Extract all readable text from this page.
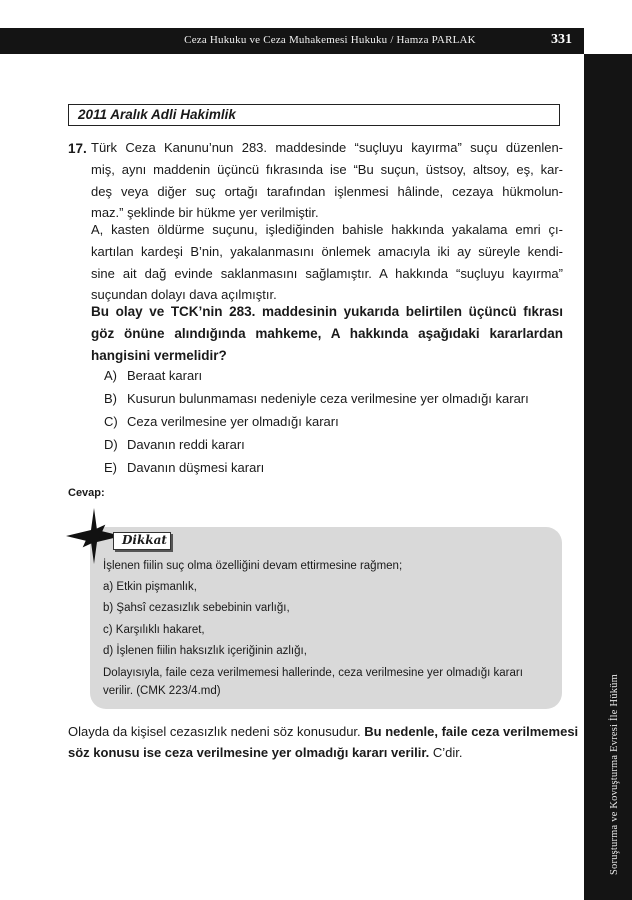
Ceza Hukuku ve Ceza Muhakemesi Hukuku / Hamza PARLAK	331
Soruşturma ve Kovuşturma Evresi İle Hüküm
2011 Aralık Adli Hakimlik
17. Türk Ceza Kanunu’nun 283. maddesinde “suçluyu kayırma” suçu düzenlen-
miş, aynı maddenin üçüncü fıkrasında ise “Bu suçun, üstsoy, altsoy, eş, kar-
deş veya diğer suç ortağı tarafından işlenmesi hâlinde, cezaya hükmolun-
maz.” şeklinde bir hükme yer verilmiştir.
A, kasten öldürme suçunu, işlediğinden bahisle hakkında yakalama emri çı-
kartılan kardeşi B’nin, yakalanmasını önlemek amacıyla iki ay süreyle kendi-
sine ait dağ evinde saklanmasını sağlamıştır. A hakkında “suçluyu kayırma”
suçundan dolayı dava açılmıştır.
Bu olay ve TCK’nin 283. maddesinin yukarıda belirtilen üçüncü fıkrası
göz önüne alındığında mahkeme, A hakkında aşağıdaki kararlardan
hangisini vermelidir?
A) Beraat kararı
B) Kusurun bulunmaması nedeniyle ceza verilmesine yer olmadığı kararı
C) Ceza verilmesine yer olmadığı kararı
D) Davanın reddi kararı
E) Davanın düşmesi kararı
Cevap:
Dikkat
İşlenen fiilin suç olma özelliğini devam ettirmesine rağmen;
a) Etkin pişmanlık,
b) Şahsî cezasızlık sebebinin varlığı,
c) Karşılıklı hakaret,
d) İşlenen fiilin haksızlık içeriğinin azlığı,
Dolayısıyla, faile ceza verilmemesi hallerinde, ceza verilmesine yer olmadığı kararı
verilir. (CMK 223/4.md)
Olayda da kişisel cezasızlık nedeni söz konusudur. Bu nedenle, faile ceza verilmemesi
söz konusu ise ceza verilmesine yer olmadığı kararı verilir. C’dir.
